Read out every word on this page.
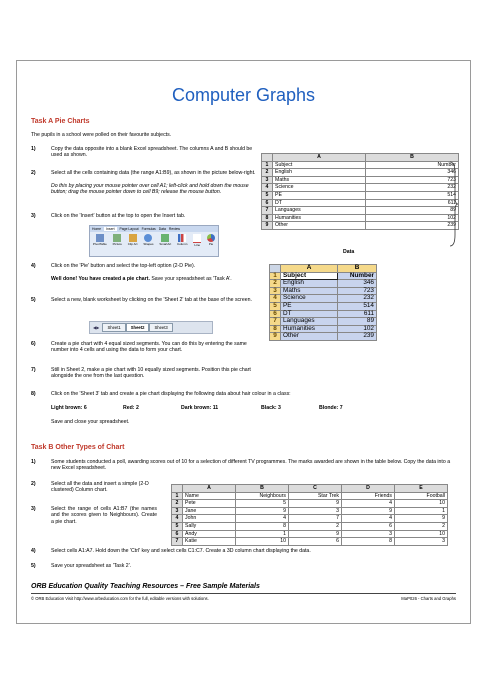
Computer Graphs
Task A Pie Charts
The pupils in a school were polled on their favourite subjects.
1)	Copy the data opposite into a blank Excel spreadsheet. The columns A and B should be used as shown.
2)	Select all the cells containing data (the range A1:B9), as shown in the picture below-right.
Do this by placing your mouse pointer over cell A1; left-click and hold down the mouse button; drag the mouse pointer down to cell B9; release the mouse button.
3)	Click on the 'Insert' button at the top to open the Insert tab.
Home	Insert	Page Layout Formulas Data Review
PivotTable Picture Clip Art Shapes SmartArt Column	Line	Pie
4)	Click on the 'Pie' button and select the top-left option (2-D Pie).
Well done! You have created a pie chart. Save your spreadsheet as 'Task A'.
5)	Select a new, blank worksheet by clicking on the 'Sheet 2' tab at the base of the screen.
◀▶	Sheet1	Sheet2	Sheet3
6)	Create a pie chart with 4 equal sized segments. You can do this by entering the same number into 4 cells and using the data to form your chart.
7)	Still in Sheet 2, make a pie chart with 10 equally sized segments. Position this pie chart alongside the one from the last question.
8)	Click on the 'Sheet 3' tab and create a pie chart displaying the following data about hair colour in a class:
Light brown: 6	Red: 2	Dark brown: 11	Black: 3	Blonde: 7
Save and close your spreadsheet.
	A	B
1	Subject	Number
2	English	346
3	Maths	723
4	Science	232
5	PE	514
6	DT	611
7	Languages	89
8	Humanities	102
9	Other	239
Data
	A	B
1	Subject	Number
2	English	346
3	Maths	723
4	Science	232
5	PE	514
6	DT	611
7	Languages	89
8	Humanities	102
9	Other	239
Task B Other Types of Chart
1)	Some students conducted a poll, awarding scores out of 10 for a selection of different TV programmes. The marks awarded are shown in the table below. Copy the data into a new Excel spreadsheet.
2)	Select all the data and insert a simple (2-D clustered) Column chart.
3)	Select the range of cells A1:B7 (the names and the scores given to Neighbours). Create a pie chart.
	A	B	C	D	E
1	Name	Neighbours	Star Trek	Friends	Football
2	Pete	5	9	4	10
3	Jane	9	3	9	1
4	John	4	7	4	9
5	Sally	8	2	6	2
6	Andy	1	9	3	10
7	Katie	10	6	8	3
4)	Select cells A1:A7. Hold down the 'Ctrl' key and select cells C1:C7. Create a 3D column chart displaying the data.
5)	Save your spreadsheet as 'Task 2'.
ORB Education Quality Teaching Resources – Free Sample Materials
© ORB Education Visit http://www.orbeducation.com for the full, editable versions with solutions.	MaP026 - Charts and Graphs
